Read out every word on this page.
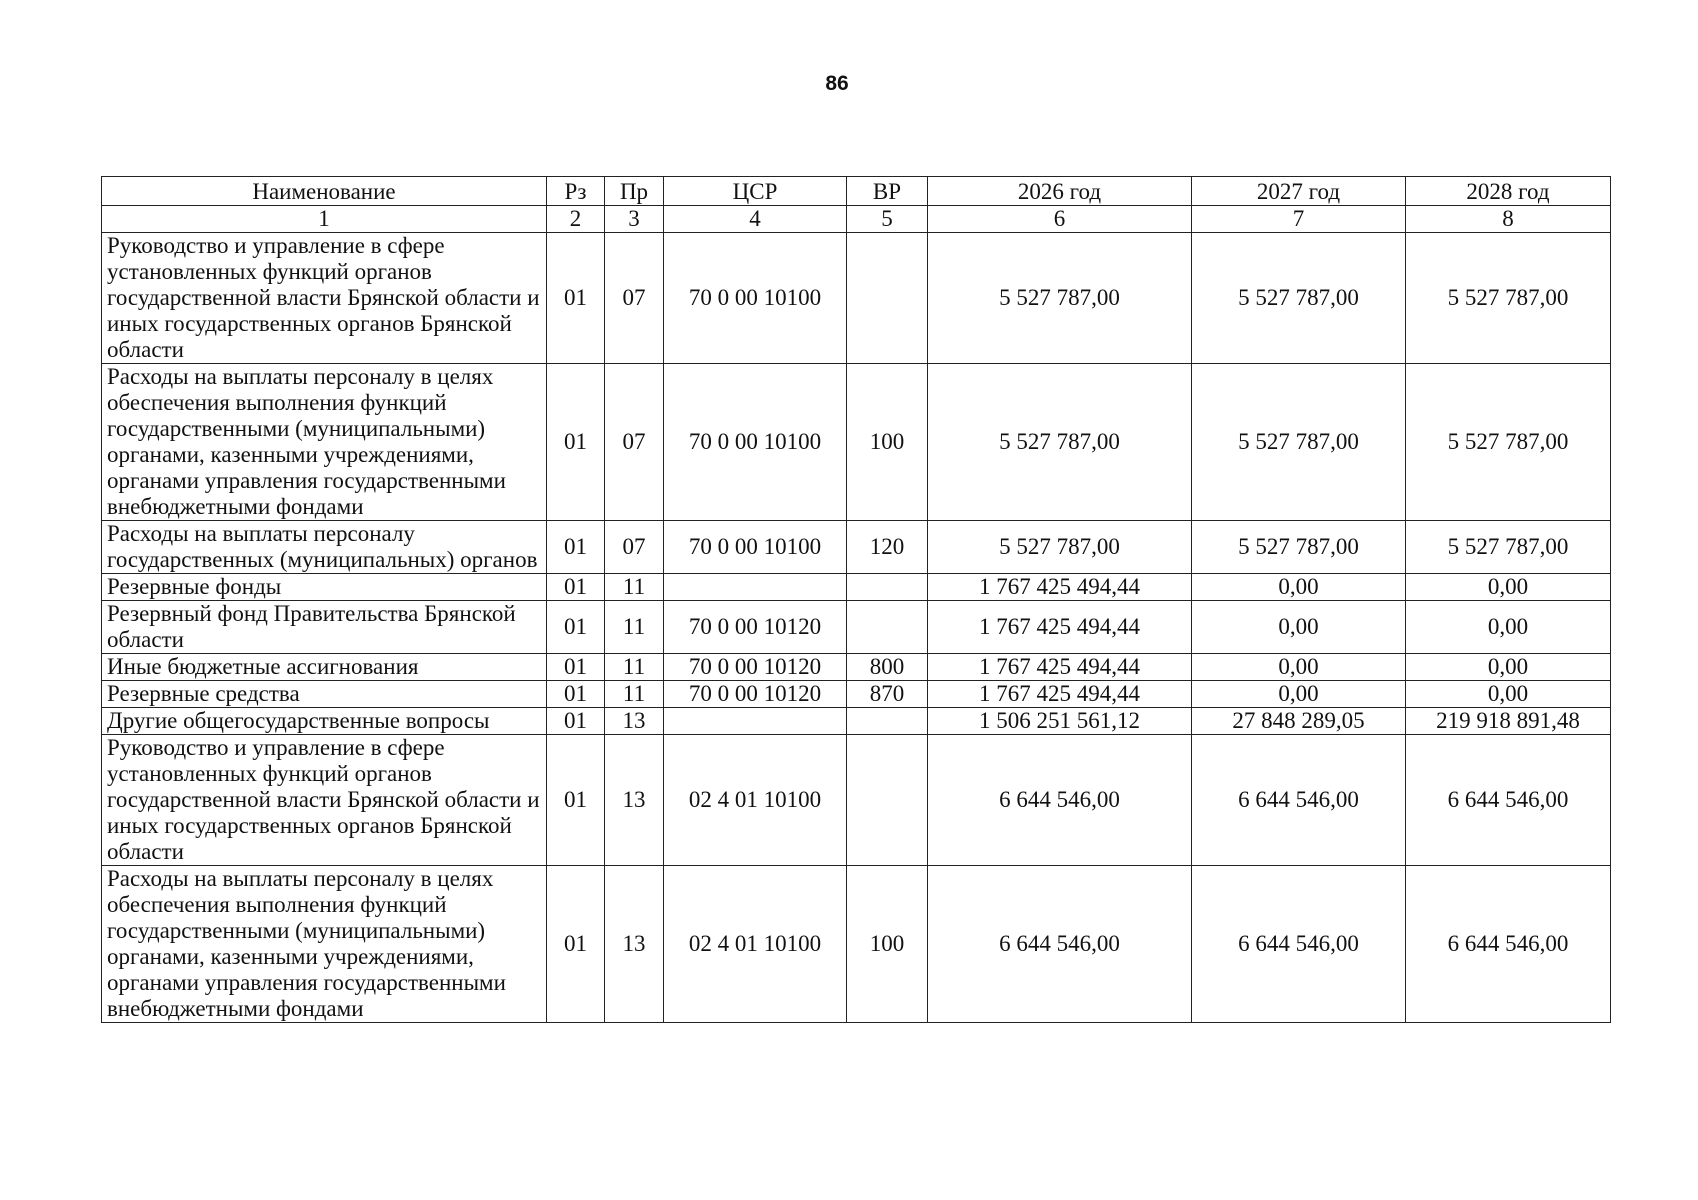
86
Наименование	Рз	Пр	ЦСР	ВР	2026 год	2027 год	2028 год
1	2	3	4	5	6	7	8
Руководство и управление в сфере установленных функций органов государственной власти Брянской области и иных государственных органов Брянской области	01	07	70 0 00 10100		5 527 787,00	5 527 787,00	5 527 787,00
Расходы на выплаты персоналу в целях обеспечения выполнения функций государственными (муниципальными) органами, казенными учреждениями, органами управления государственными внебюджетными фондами	01	07	70 0 00 10100	100	5 527 787,00	5 527 787,00	5 527 787,00
Расходы на выплаты персоналу государственных (муниципальных) органов	01	07	70 0 00 10100	120	5 527 787,00	5 527 787,00	5 527 787,00
Резервные фонды	01	11			1 767 425 494,44	0,00	0,00
Резервный фонд Правительства Брянской области	01	11	70 0 00 10120		1 767 425 494,44	0,00	0,00
Иные бюджетные ассигнования	01	11	70 0 00 10120	800	1 767 425 494,44	0,00	0,00
Резервные средства	01	11	70 0 00 10120	870	1 767 425 494,44	0,00	0,00
Другие общегосударственные вопросы	01	13			1 506 251 561,12	27 848 289,05	219 918 891,48
Руководство и управление в сфере установленных функций органов государственной власти Брянской области и иных государственных органов Брянской области	01	13	02 4 01 10100		6 644 546,00	6 644 546,00	6 644 546,00
Расходы на выплаты персоналу в целях обеспечения выполнения функций государственными (муниципальными) органами, казенными учреждениями, органами управления государственными внебюджетными фондами	01	13	02 4 01 10100	100	6 644 546,00	6 644 546,00	6 644 546,00
